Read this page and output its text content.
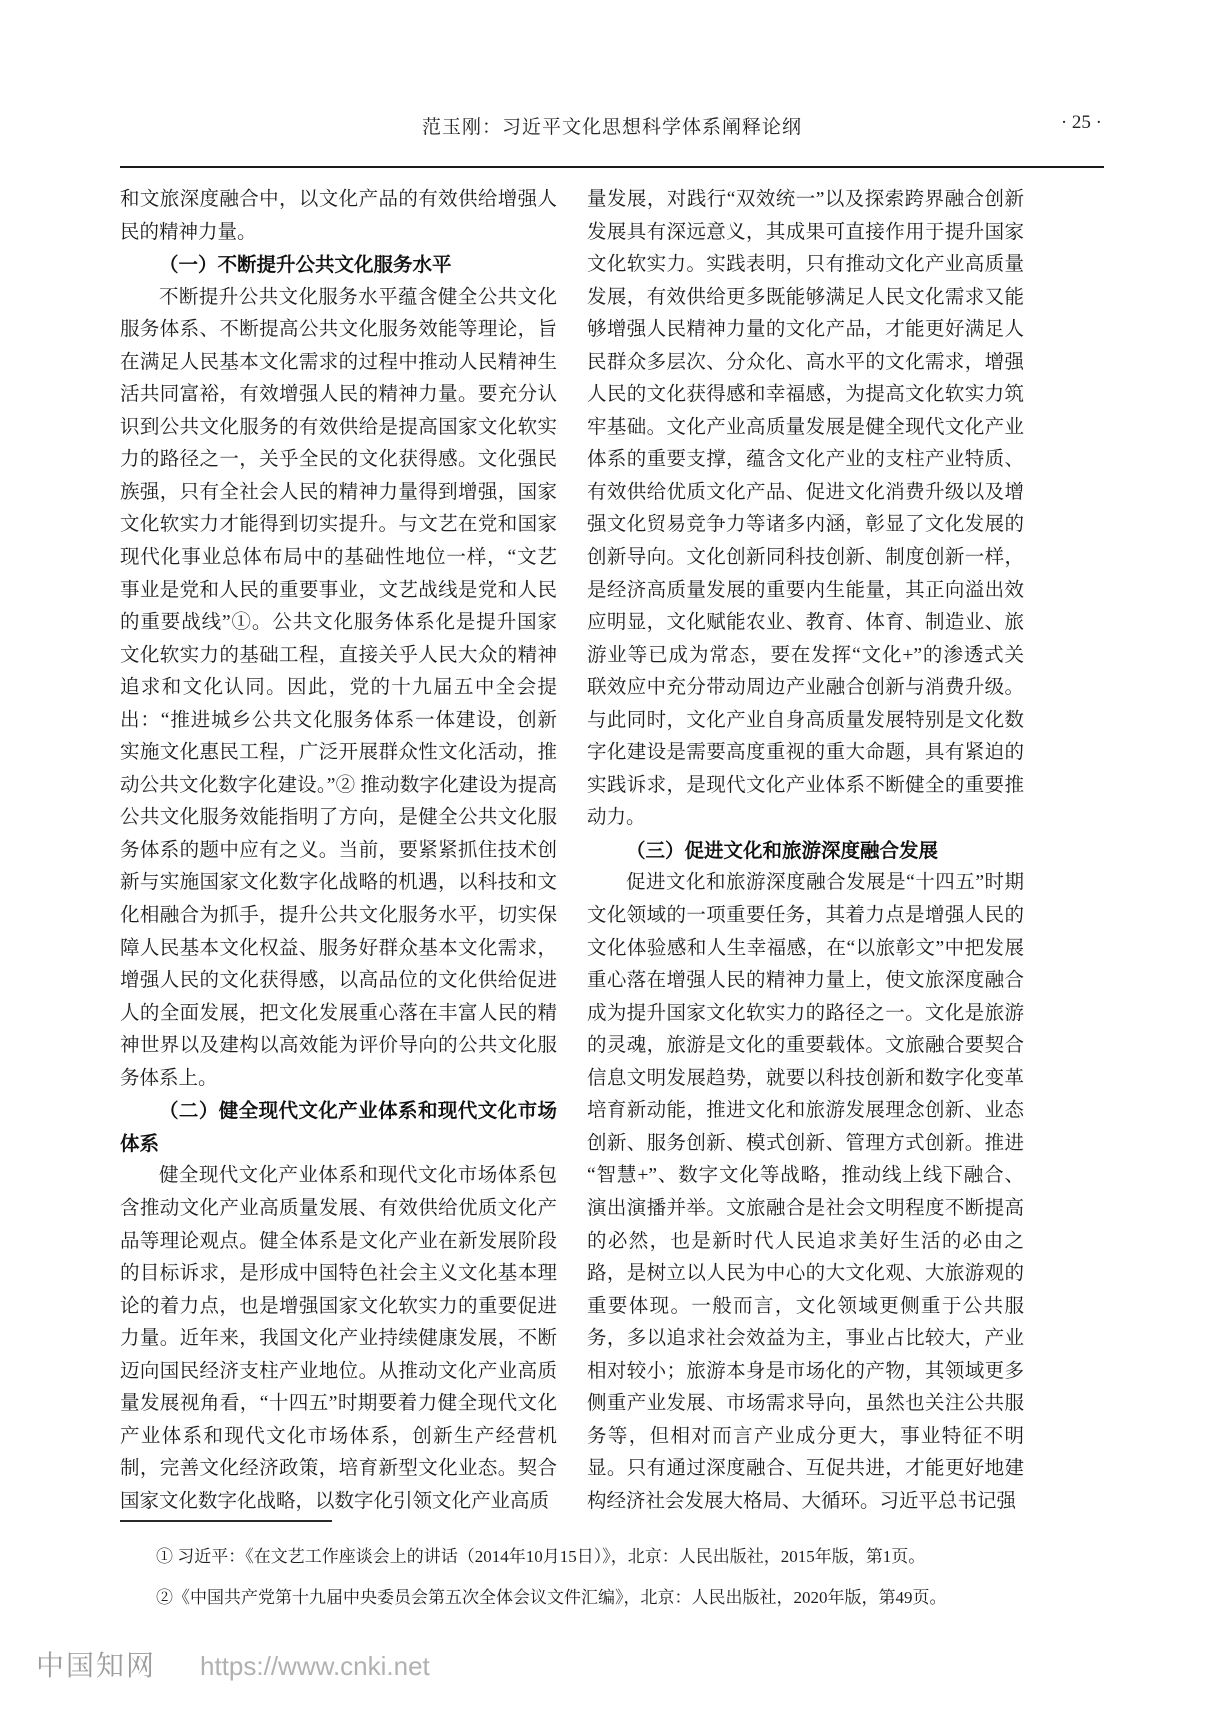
范玉刚：习近平文化思想科学体系阐释论纲	· 25 ·

和文旅深度融合中，以文化产品的有效供给增强人民的精神力量。

（一）不断提升公共文化服务水平

不断提升公共文化服务水平蕴含健全公共文化服务体系、不断提高公共文化服务效能等理论，旨在满足人民基本文化需求的过程中推动人民精神生活共同富裕，有效增强人民的精神力量。要充分认识到公共文化服务的有效供给是提高国家文化软实力的路径之一，关乎全民的文化获得感。文化强民族强，只有全社会人民的精神力量得到增强，国家文化软实力才能得到切实提升。与文艺在党和国家现代化事业总体布局中的基础性地位一样，“文艺事业是党和人民的重要事业，文艺战线是党和人民的重要战线”①。公共文化服务体系化是提升国家文化软实力的基础工程，直接关乎人民大众的精神追求和文化认同。因此，党的十九届五中全会提出：“推进城乡公共文化服务体系一体建设，创新实施文化惠民工程，广泛开展群众性文化活动，推动公共文化数字化建设。”② 推动数字化建设为提高公共文化服务效能指明了方向，是健全公共文化服务体系的题中应有之义。当前，要紧紧抓住技术创新与实施国家文化数字化战略的机遇，以科技和文化相融合为抓手，提升公共文化服务水平，切实保障人民基本文化权益、服务好群众基本文化需求，增强人民的文化获得感，以高品位的文化供给促进人的全面发展，把文化发展重心落在丰富人民的精神世界以及建构以高效能为评价导向的公共文化服务体系上。

（二）健全现代文化产业体系和现代文化市场体系

健全现代文化产业体系和现代文化市场体系包含推动文化产业高质量发展、有效供给优质文化产品等理论观点。健全体系是文化产业在新发展阶段的目标诉求，是形成中国特色社会主义文化基本理论的着力点，也是增强国家文化软实力的重要促进力量。近年来，我国文化产业持续健康发展，不断迈向国民经济支柱产业地位。从推动文化产业高质量发展视角看，“十四五”时期要着力健全现代文化产业体系和现代文化市场体系，创新生产经营机制，完善文化经济政策，培育新型文化业态。契合国家文化数字化战略，以数字化引领文化产业高质

量发展，对践行“双效统一”以及探索跨界融合创新发展具有深远意义，其成果可直接作用于提升国家文化软实力。实践表明，只有推动文化产业高质量发展，有效供给更多既能够满足人民文化需求又能够增强人民精神力量的文化产品，才能更好满足人民群众多层次、分众化、高水平的文化需求，增强人民的文化获得感和幸福感，为提高文化软实力筑牢基础。文化产业高质量发展是健全现代文化产业体系的重要支撑，蕴含文化产业的支柱产业特质、有效供给优质文化产品、促进文化消费升级以及增强文化贸易竞争力等诸多内涵，彰显了文化发展的创新导向。文化创新同科技创新、制度创新一样，是经济高质量发展的重要内生能量，其正向溢出效应明显，文化赋能农业、教育、体育、制造业、旅游业等已成为常态，要在发挥“文化+”的渗透式关联效应中充分带动周边产业融合创新与消费升级。与此同时，文化产业自身高质量发展特别是文化数字化建设是需要高度重视的重大命题，具有紧迫的实践诉求，是现代文化产业体系不断健全的重要推动力。

（三）促进文化和旅游深度融合发展

促进文化和旅游深度融合发展是“十四五”时期文化领域的一项重要任务，其着力点是增强人民的文化体验感和人生幸福感，在“以旅彰文”中把发展重心落在增强人民的精神力量上，使文旅深度融合成为提升国家文化软实力的路径之一。文化是旅游的灵魂，旅游是文化的重要载体。文旅融合要契合信息文明发展趋势，就要以科技创新和数字化变革培育新动能，推进文化和旅游发展理念创新、业态创新、服务创新、模式创新、管理方式创新。推进“智慧+”、数字文化等战略，推动线上线下融合、演出演播并举。文旅融合是社会文明程度不断提高的必然，也是新时代人民追求美好生活的必由之路，是树立以人民为中心的大文化观、大旅游观的重要体现。一般而言，文化领域更侧重于公共服务，多以追求社会效益为主，事业占比较大，产业相对较小；旅游本身是市场化的产物，其领域更多侧重产业发展、市场需求导向，虽然也关注公共服务等，但相对而言产业成分更大，事业特征不明显。只有通过深度融合、互促共进，才能更好地建构经济社会发展大格局、大循环。习近平总书记强

① 习近平：《在文艺工作座谈会上的讲话（2014年10月15日）》，北京：人民出版社，2015年版，第1页。

②《中国共产党第十九届中央委员会第五次全体会议文件汇编》，北京：人民出版社，2020年版，第49页。

中国知网 https://www.cnki.net
